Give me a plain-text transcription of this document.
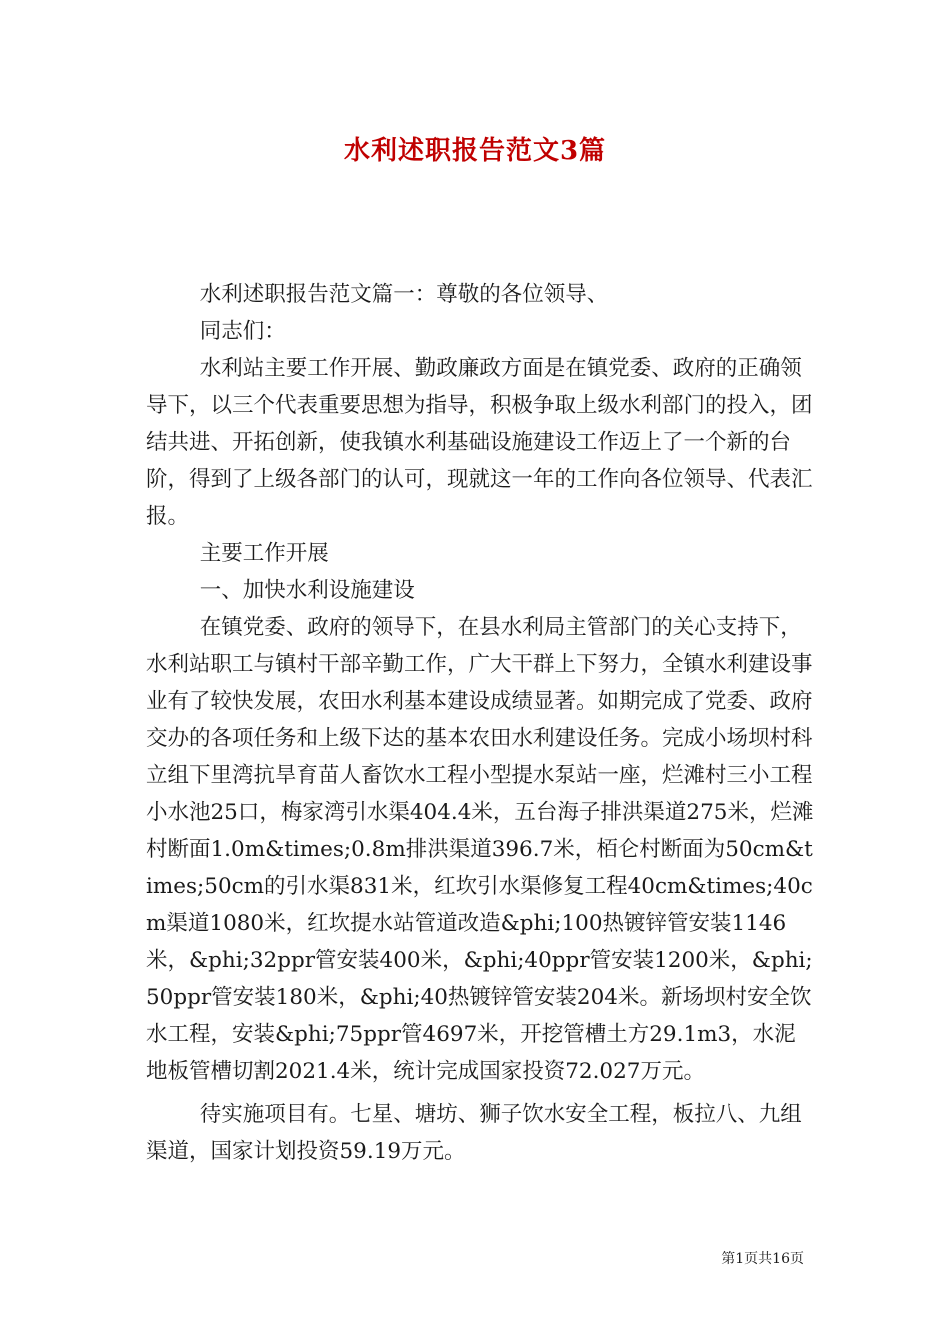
水利述职报告范文3篇

水利述职报告范文篇一：尊敬的各位领导、

同志们：

水利站主要工作开展、勤政廉政方面是在镇党委、政府的正确领导下，以三个代表重要思想为指导，积极争取上级水利部门的投入，团结共进、开拓创新，使我镇水利基础设施建设工作迈上了一个新的台阶，得到了上级各部门的认可，现就这一年的工作向各位领导、代表汇报。

主要工作开展

一、加快水利设施建设

在镇党委、政府的领导下，在县水利局主管部门的关心支持下，水利站职工与镇村干部辛勤工作，广大干群上下努力，全镇水利建设事业有了较快发展，农田水利基本建设成绩显著。如期完成了党委、政府交办的各项任务和上级下达的基本农田水利建设任务。完成小场坝村科立组下里湾抗旱育苗人畜饮水工程小型提水泵站一座，烂滩村三小工程小水池25口，梅家湾引水渠404.4米，五台海子排洪渠道275米，烂滩村断面1.0m&times;0.8m排洪渠道396.7米，栢仑村断面为50cm&times;50cm的引水渠831米，红坎引水渠修复工程40cm&times;40cm渠道1080米，红坎提水站管道改造&phi;100热镀锌管安装1146米，&phi;32ppr管安装400米，&phi;40ppr管安装1200米，&phi;50ppr管安装180米，&phi;40热镀锌管安装204米。新场坝村安全饮水工程，安装&phi;75ppr管4697米，开挖管槽土方29.1m3，水泥地板管槽切割2021.4米，统计完成国家投资72.027万元。

待实施项目有。七星、塘坊、狮子饮水安全工程，板拉八、九组渠道，国家计划投资59.19万元。

第1页共16页
